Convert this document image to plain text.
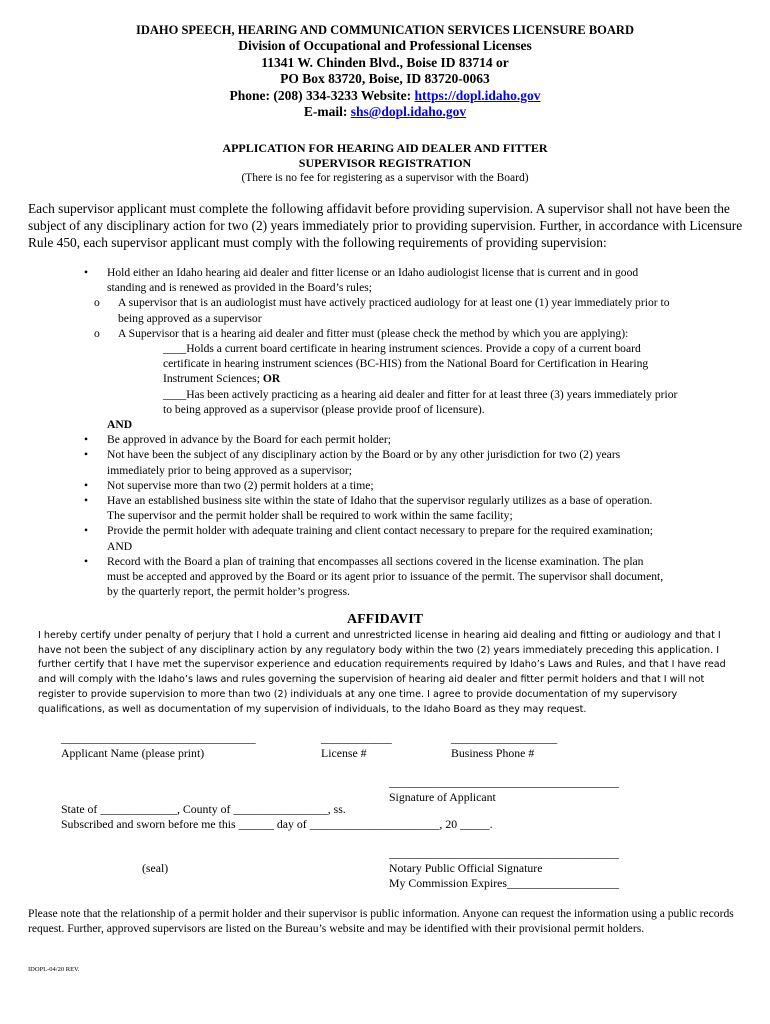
IDAHO SPEECH, HEARING AND COMMUNICATION SERVICES LICENSURE BOARD
Division of Occupational and Professional Licenses
11341 W. Chinden Blvd., Boise ID 83714 or
PO Box 83720, Boise, ID 83720-0063
Phone: (208) 334-3233 Website: https://dopl.idaho.gov
E-mail: shs@dopl.idaho.gov
APPLICATION FOR HEARING AID DEALER AND FITTER
SUPERVISOR REGISTRATION
(There is no fee for registering as a supervisor with the Board)
Each supervisor applicant must complete the following affidavit before providing supervision. A supervisor shall not have been the subject of any disciplinary action for two (2) years immediately prior to providing supervision. Further, in accordance with Licensure Rule 450, each supervisor applicant must comply with the following requirements of providing supervision:
• Hold either an Idaho hearing aid dealer and fitter license or an Idaho audiologist license that is current and in good standing and is renewed as provided in the Board’s rules;
o A supervisor that is an audiologist must have actively practiced audiology for at least one (1) year immediately prior to being approved as a supervisor
o A Supervisor that is a hearing aid dealer and fitter must (please check the method by which you are applying):
____Holds a current board certificate in hearing instrument sciences. Provide a copy of a current board certificate in hearing instrument sciences (BC-HIS) from the National Board for Certification in Hearing Instrument Sciences; OR
____Has been actively practicing as a hearing aid dealer and fitter for at least three (3) years immediately prior to being approved as a supervisor (please provide proof of licensure).
AND
• Be approved in advance by the Board for each permit holder;
• Not have been the subject of any disciplinary action by the Board or by any other jurisdiction for two (2) years immediately prior to being approved as a supervisor;
• Not supervise more than two (2) permit holders at a time;
• Have an established business site within the state of Idaho that the supervisor regularly utilizes as a base of operation. The supervisor and the permit holder shall be required to work within the same facility;
• Provide the permit holder with adequate training and client contact necessary to prepare for the required examination; AND
• Record with the Board a plan of training that encompasses all sections covered in the license examination. The plan must be accepted and approved by the Board or its agent prior to issuance of the permit. The supervisor shall document, by the quarterly report, the permit holder’s progress.
AFFIDAVIT
I hereby certify under penalty of perjury that I hold a current and unrestricted license in hearing aid dealing and fitting or audiology and that I have not been the subject of any disciplinary action by any regulatory body within the two (2) years immediately preceding this application. I further certify that I have met the supervisor experience and education requirements required by Idaho’s Laws and Rules, and that I have read and will comply with the Idaho’s laws and rules governing the supervision of hearing aid dealer and fitter permit holders and that I will not register to provide supervision to more than two (2) individuals at any one time. I agree to provide documentation of my supervisory qualifications, as well as documentation of my supervision of individuals, to the Idaho Board as they may request.
_________________________________
Applicant Name (please print)
____________
License #
__________________
Business Phone #
_______________________________________
Signature of Applicant
State of _____________, County of ________________, ss.
Subscribed and sworn before me this ______ day of ______________________, 20 _____.
(seal)
_______________________________________
Notary Public Official Signature
My Commission Expires___________________
Please note that the relationship of a permit holder and their supervisor is public information. Anyone can request the information using a public records request. Further, approved supervisors are listed on the Bureau’s website and may be identified with their provisional permit holders.
IDOPL-04/20 REV.
